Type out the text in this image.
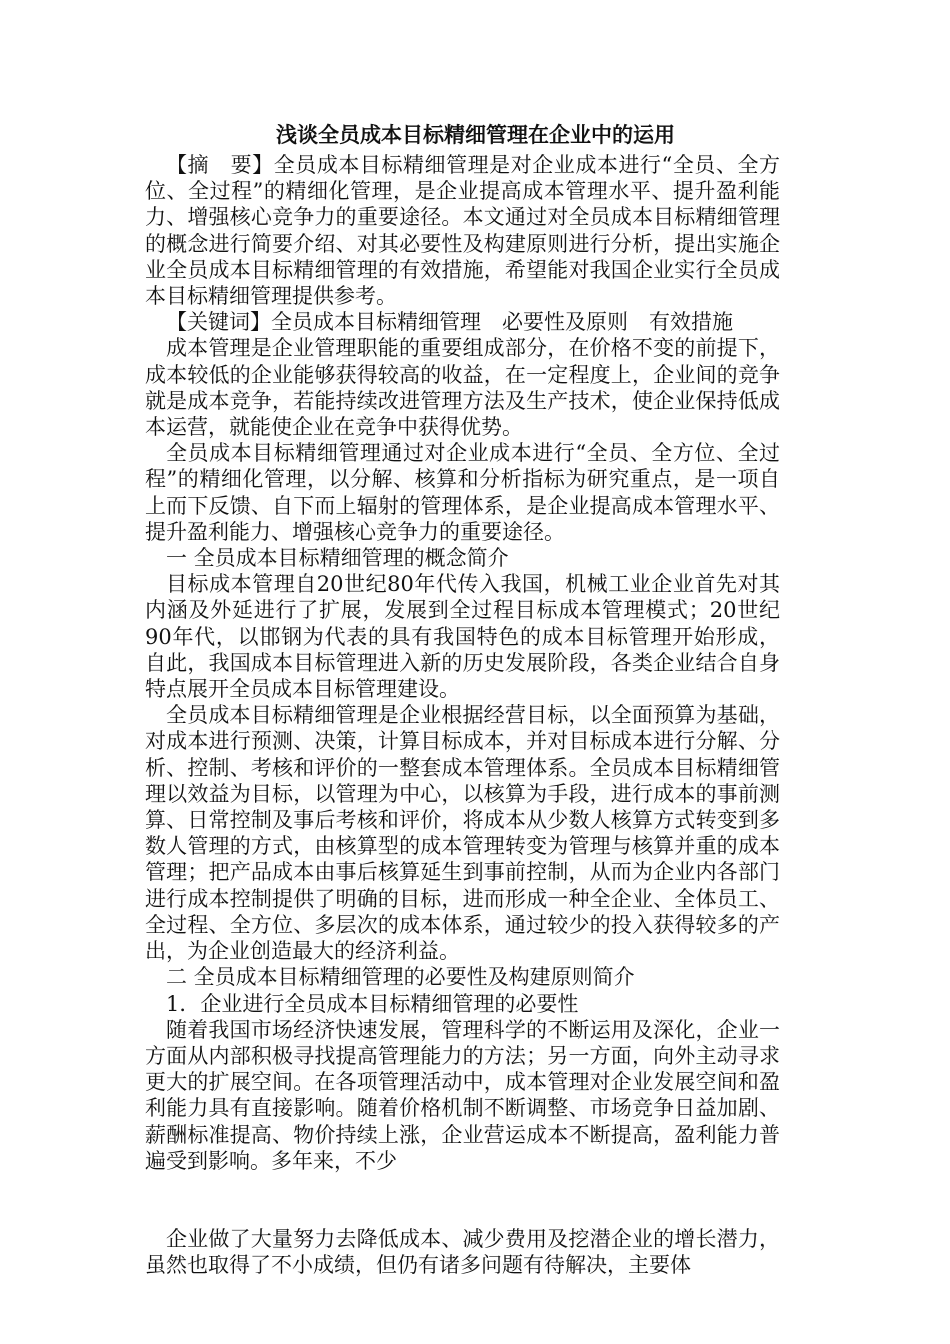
浅谈全员成本目标精细管理在企业中的运用

【摘　要】全员成本目标精细管理是对企业成本进行“全员、全方位、全过程”的精细化管理，是企业提高成本管理水平、提升盈利能力、增强核心竞争力的重要途径。本文通过对全员成本目标精细管理的概念进行简要介绍、对其必要性及构建原则进行分析，提出实施企业全员成本目标精细管理的有效措施，希望能对我国企业实行全员成本目标精细管理提供参考。

【关键词】全员成本目标精细管理　必要性及原则　有效措施

成本管理是企业管理职能的重要组成部分，在价格不变的前提下，成本较低的企业能够获得较高的收益，在一定程度上，企业间的竞争就是成本竞争，若能持续改进管理方法及生产技术，使企业保持低成本运营，就能使企业在竞争中获得优势。

全员成本目标精细管理通过对企业成本进行“全员、全方位、全过程”的精细化管理，以分解、核算和分析指标为研究重点，是一项自上而下反馈、自下而上辐射的管理体系，是企业提高成本管理水平、提升盈利能力、增强核心竞争力的重要途径。

一 全员成本目标精细管理的概念简介

目标成本管理自20世纪80年代传入我国，机械工业企业首先对其内涵及外延进行了扩展，发展到全过程目标成本管理模式；20世纪90年代，以邯钢为代表的具有我国特色的成本目标管理开始形成，自此，我国成本目标管理进入新的历史发展阶段，各类企业结合自身特点展开全员成本目标管理建设。

全员成本目标精细管理是企业根据经营目标，以全面预算为基础，对成本进行预测、决策，计算目标成本，并对目标成本进行分解、分析、控制、考核和评价的一整套成本管理体系。全员成本目标精细管理以效益为目标，以管理为中心，以核算为手段，进行成本的事前测算、日常控制及事后考核和评价，将成本从少数人核算方式转变到多数人管理的方式，由核算型的成本管理转变为管理与核算并重的成本管理；把产品成本由事后核算延生到事前控制，从而为企业内各部门进行成本控制提供了明确的目标，进而形成一种全企业、全体员工、全过程、全方位、多层次的成本体系，通过较少的投入获得较多的产出，为企业创造最大的经济利益。

二 全员成本目标精细管理的必要性及构建原则简介

1．企业进行全员成本目标精细管理的必要性

随着我国市场经济快速发展，管理科学的不断运用及深化，企业一方面从内部积极寻找提高管理能力的方法；另一方面，向外主动寻求更大的扩展空间。在各项管理活动中，成本管理对企业发展空间和盈利能力具有直接影响。随着价格机制不断调整、市场竞争日益加剧、薪酬标准提高、物价持续上涨，企业营运成本不断提高，盈利能力普遍受到影响。多年来，不少

企业做了大量努力去降低成本、减少费用及挖潜企业的增长潜力，虽然也取得了不小成绩，但仍有诸多问题有待解决，主要体
